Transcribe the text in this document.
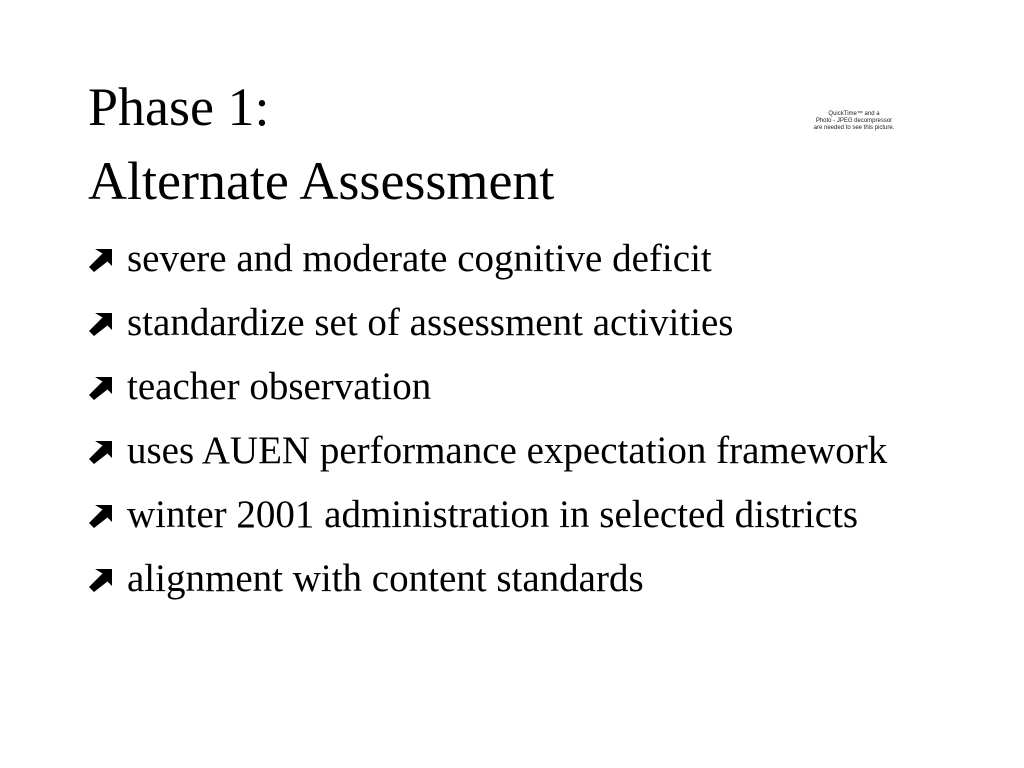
Phase 1:
Alternate Assessment
QuickTime™ and a
Photo - JPEG decompressor
are needed to see this picture.
severe and moderate cognitive deficit
standardize set of assessment activities
teacher observation
uses AUEN performance expectation framework
winter 2001 administration in selected districts
alignment with content standards
